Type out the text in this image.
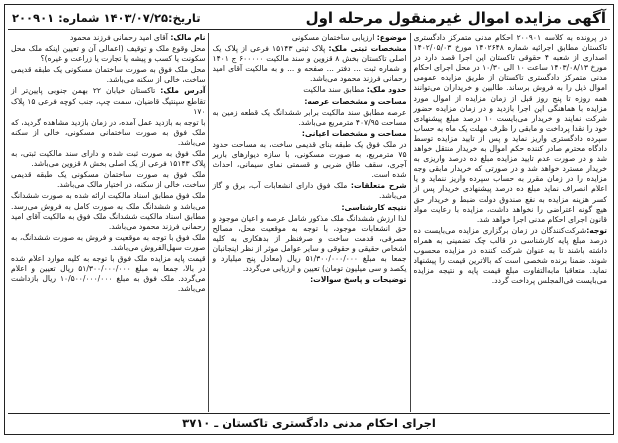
آگهی مزایده اموال غیرمنقول مرحله اول
تاریخ:۱۴۰۳/۰۷/۲۵ شماره: ۲۰۰۹۰۱

در پرونده به کلاسه ۲۰۰۹۰۱ احکام مدنی متمرکز دادگستری تاکستان مطابق اجرائیه شماره ۱۴۰۲۶۴۸ مورخ ۱۴۰۲/۰۵/۰۳ اصداری از شعبه ۴ حقوقی تاکستان این اجرا قصد دارد در مورخ ۱۴۰۳/۰۸/۱۳ ساعت ۱۰ الی ۱۰/۳۰ در محل اجرای احکام مدنی متمرکز دادگستری تاکستان از طریق مزایده عمومی اموال ذیل را به فروش برساند. طالبین و خریداران می‌توانند همه روزه تا پنج روز قبل از زمان مزایده از اموال مورد مزایده با هماهنگی این اجرا بازدید و در زمان مزایده حضور شرکت نمایند و خریدار می‌بایست ۱۰ درصد مبلغ پیشنهادی خود را نقدا پرداخت و مابقی را ظرف مهلت یک ماه به حساب سپرده دادگستری واریز نماید و پس از تایید مزایده توسط دادگاه محترم صادر کننده حکم اموال به خریدار منتقل خواهد شد و در صورت عدم تایید مزایده مبلغ ده درصد واریزی به خریدار مسترد خواهد شد و در صورتی که خریدار مابقی وجه مزایده را در زمان مقرر به حساب سپرده واریز ننماید و یا اعلام انصراف نماید مبلغ ده درصد پیشنهادی خریدار پس از کسر هزینه مزایده به نفع صندوق دولت ضبط و خریدار حق هیچ گونه اعتراضی را نخواهد داشت، مزایده با رعایت مواد قانون اجرای احکام مدنی اجرا خواهد شد.

توجه:شرکت‌کنندگان در زمان برگزاری مزایده می‌بایست ده درصد مبلغ پایه کارشناسی در قالب چک تضمینی به همراه داشته باشند تا به عنوان شرکت کننده در مزایده محسوب شوند. ضمنا برنده شخصی است که بالاترین قیمت را پیشنهاد نماید. متعاقبا مابه‌التفاوت مبلغ قیمت پایه و نتیجه مزایده می‌بایست فی‌المجلس پرداخت گردد.

موضوع: ارزیابی ساختمان مسکونی

مشخصات ثبتی ملک: پلاک ثبتی ۱۵۱۴۳ فرعی از پلاک یک اصلی تاکستان بخش ۸ قزوین و سند مالکیت ۶۰۰۰۰۰ ج ۱۴۰۱ و شماره ثبت ... دفتر ... صفحه و ... و به مالکیت آقای امید رحمانی فرزند محمود می‌باشد.

حدود ملک: مطابق سند مالکیت

مساحت و مشخصات عرصه:

عرصه مطابق سند مالکیت برابر ششدانگ یک قطعه زمین به مساحت ۴۰۷/۹۵ مترمربع می‌باشد.

مساحت و مشخصات اعیانی:

در ملک فوق یک طبقه بنای قدیمی ساخت، به مساحت حدود ۷۵ مترمربع، به صورت مسکونی، با سازه دیوارهای باربر آجری، سقف طاق ضربی و قسمتی نمای سیمانی، احداث شده است.

شرح متعلقات: ملک فوق دارای انشعابات آب، برق و گاز می‌باشد.

نتیجه کارشناسی:

لذا ارزش ششدانگ ملک مذکور شامل عرصه و اعیان موجود و حق انشعابات موجود، با توجه به موقعیت محل، مصالح مصرفی، قدمت ساخت و صرفنظر از بدهکاری به کلیه اشخاص حقیقی و حقوقی و سایر عوامل موثر از نظر اینجانبان جمعا به مبلغ ۵۱/۳۰۰/۰۰۰/۰۰۰ ریال (معادل پنج میلیارد و یکصد و سی میلیون تومان) تعیین و ارزیابی می‌گردد.

توضیحات و پاسخ سوالات:

نام مالک: آقای امید رحمانی فرزند محمود

محل وقوع ملک و توقیف (اعمالی آن و تعیین اینکه ملک محل سکونت یا کسب و پیشه یا تجارت یا زراعت و غیره)؟

محل ملک فوق به صورت ساختمان مسکونی یک طبقه قدیمی ساخت، خالی از سکنه می‌باشد.

آدرس ملک: تاکستان خیابان ۲۲ بهمن جنوبی پایین‌تر از تقاطع سپنتیگ قاضیان، سمت چپ، جنب کوچه فرعی ۱۵ پلاک ۱۷۰

با توجه به بازدید عمل آمده، در زمان بازدید مشاهده گردید، که ملک فوق به صورت ساختمانی مسکونی، خالی از سکنه می‌باشد.

ملک فوق به صورت ثبت شده و دارای سند مالکیت ثبتی، به پلاک ۱۵۱۴۳ فرعی از یک اصلی بخش ۸ قزوین می‌باشد.

ملک فوق به صورت ساختمان مسکونی یک طبقه قدیمی ساخت، خالی از سکنه، در اختیار مالک می‌باشد.

ملک فوق مطابق اسناد مالکیت ارائه شده به صورت ششدانگ می‌باشد و ششدانگ ملک به صورت کامل به فروش می‌رسد. مطابق اسناد مالکیت ششدانگ ملک فوق به مالکیت آقای امید رحمانی فرزند محمود می‌باشد.

ملک فوق با توجه به موقعیت و فروش به صورت ششدانگ، به صورت سهل‌الفروش می‌باشد.

قیمت پایه مزایده ملک فوق با توجه به کلیه موارد اعلام شده در بالا، جمعا به مبلغ ۵۱/۳۰۰/۰۰۰/۰۰۰ ریال تعیین و اعلام می‌گردد. ملک فوق به مبلغ ۱۰/۵۰۰/۰۰۰/۰۰۰ ریال بازداشت می‌باشد.

اجرای احکام مدنی دادگستری تاکستان ـ ۳۷۱۰
